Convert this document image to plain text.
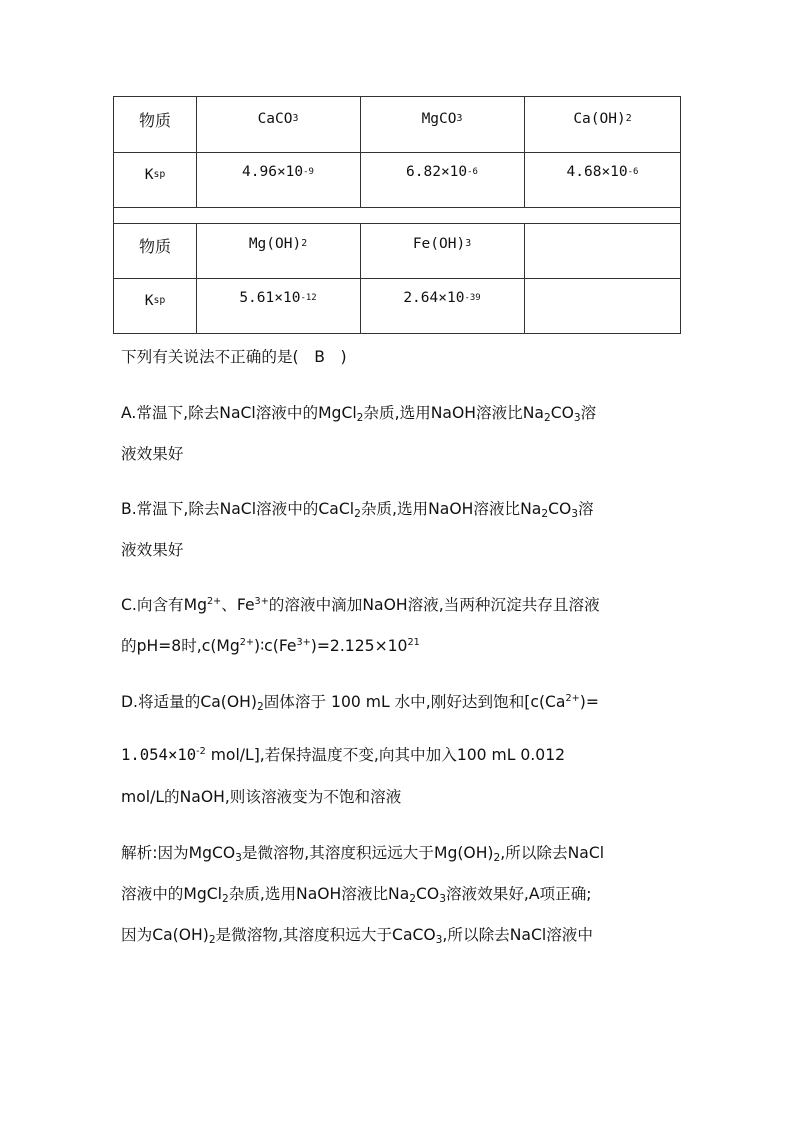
物质	CaCO 3	MgCO 3	Ca(OH) 2
K sp	4.96×10 -9	6.82×10 -6	4.68×10 -6
物质	Mg(OH) 2	Fe(OH) 3
K sp	5.61×10 -12	2.64×10 -39
下列有关说法不正确的是(　B　)
A.常温下,除去NaCl溶液中的MgCl$_2$杂质,选用NaOH溶液比$Na_2CO_3$溶
液效果好
B.常温下,除去NaCl溶液中的CaCl$_2$杂质,选用NaOH溶液比$Na_2CO_3$溶
液效果好
C.向含有$Mg^{2+}$、$Fe^{3+}$的溶液中滴加NaOH溶液,当两种沉淀共存且溶液
的pH=8时$,c(Mg^{2+})∶c(Fe^{3+})=2.125\times 10^{21}$
D.将适量的$Ca(OH)_2$固体溶于 100 mL 水中,刚好达到饱和[$c(Ca^{2+})=$
$1.054\times 10^{-2}$ mol/L],若保持温度不变,向其中加入100 mL 0.012
mol/L的NaOH,则该溶液变为不饱和溶液
解析:因为MgCO$_3$是微溶物,其溶度积远远大于$Mg(OH)_2$,所以除去NaCl
溶液中的MgCl$_2$杂质,选用NaOH溶液比$Na_2CO_3$溶液效果好,A项正确;
因为$Ca(OH)_2$是微溶物,其溶度积远大于CaCO$_3$,所以除去NaCl溶液中
